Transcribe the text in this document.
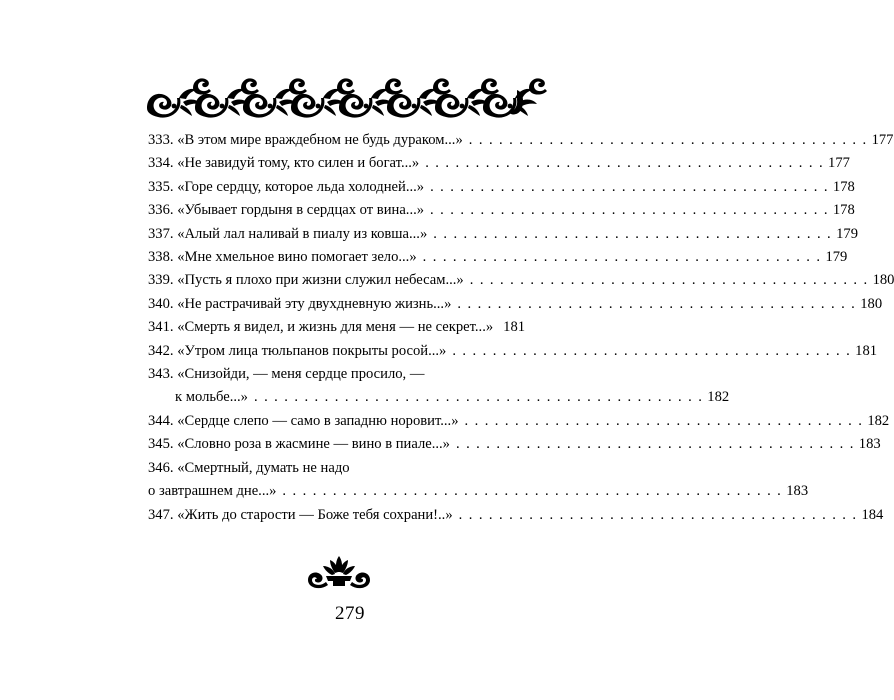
333.
«В этом мире враждебном не будь дураком...» . . . . . . . . . . . . . . . . . . . . . . . . . . . . . . . . . . . . . . . . 177
334.
«Не завидуй тому, кто силен и богат...» . . . . . . . . . . . . . . . . . . . . . . . . . . . . . . . . . . . . . . . . 177
335.
«Горе сердцу, которое льда холодней...» . . . . . . . . . . . . . . . . . . . . . . . . . . . . . . . . . . . . . . . . 178
336.
«Убывает гордыня в сердцах от вина...» . . . . . . . . . . . . . . . . . . . . . . . . . . . . . . . . . . . . . . . . 178
337.
«Алый лал наливай в пиалу из ковша...» . . . . . . . . . . . . . . . . . . . . . . . . . . . . . . . . . . . . . . . . 179
338.
«Мне хмельное вино помогает зело...» . . . . . . . . . . . . . . . . . . . . . . . . . . . . . . . . . . . . . . . . 179
339.
«Пусть я плохо при жизни служил небесам...» . . . . . . . . . . . . . . . . . . . . . . . . . . . . . . . . . . . . . . . . 180
340.
«Не растрачивай эту двухдневную жизнь...» . . . . . . . . . . . . . . . . . . . . . . . . . . . . . . . . . . . . . . . . 180
341.
«Смерть я видел, и жизнь для меня — не секрет...» 181
342.
«Утром лица тюльпанов покрыты росой...» . . . . . . . . . . . . . . . . . . . . . . . . . . . . . . . . . . . . . . . . 181
343.
«Снизойди, — меня сердце просило, —
к мольбе...» . . . . . . . . . . . . . . . . . . . . . . . . . . . . . . . . . . . . . . . . . . . . . 182
344.
«Сердце слепо — само в западню норовит...» . . . . . . . . . . . . . . . . . . . . . . . . . . . . . . . . . . . . . . . . 182
345.
«Словно роза в жасмине — вино в пиале...» . . . . . . . . . . . . . . . . . . . . . . . . . . . . . . . . . . . . . . . . 183
346.
«Смертный, думать не надо
о завтрашнем дне...» . . . . . . . . . . . . . . . . . . . . . . . . . . . . . . . . . . . . . . . . . . . . . . . . . . 183
347.
«Жить до старости — Боже тебя сохрани!..» . . . . . . . . . . . . . . . . . . . . . . . . . . . . . . . . . . . . . . . . 184
279
